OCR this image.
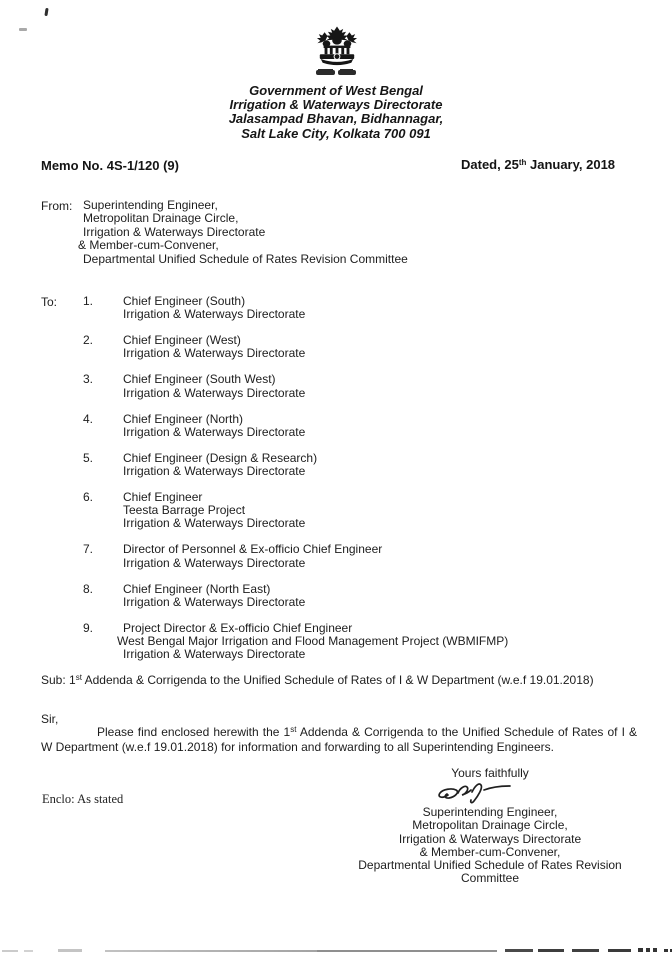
Government of West Bengal
Irrigation & Waterways Directorate
Jalasampad Bhavan, Bidhannagar,
Salt Lake City, Kolkata 700 091
Memo No. 4S-1/120 (9)	Dated, 25th January, 2018
From: Superintending Engineer,
Metropolitan Drainage Circle,
Irrigation & Waterways Directorate
& Member-cum-Convener,
Departmental Unified Schedule of Rates Revision Committee
To: 1.	Chief Engineer (South)
Irrigation & Waterways Directorate
2.	Chief Engineer (West)
Irrigation & Waterways Directorate
3.	Chief Engineer (South West)
Irrigation & Waterways Directorate
4.	Chief Engineer (North)
Irrigation & Waterways Directorate
5.	Chief Engineer (Design & Research)
Irrigation & Waterways Directorate
6.	Chief Engineer
Teesta Barrage Project
Irrigation & Waterways Directorate
7.	Director of Personnel & Ex-officio Chief Engineer
Irrigation & Waterways Directorate
8.	Chief Engineer (North East)
Irrigation & Waterways Directorate
9.	Project Director & Ex-officio Chief Engineer
West Bengal Major Irrigation and Flood Management Project (WBMIFMP)
Irrigation & Waterways Directorate
Sub: 1st Addenda & Corrigenda to the Unified Schedule of Rates of I & W Department (w.e.f 19.01.2018)
Sir,
Please find enclosed herewith the 1st Addenda & Corrigenda to the Unified Schedule of Rates of I & W Department (w.e.f 19.01.2018) for information and forwarding to all Superintending Engineers.
Yours faithfully
Superintending Engineer,
Metropolitan Drainage Circle,
Irrigation & Waterways Directorate
& Member-cum-Convener,
Departmental Unified Schedule of Rates Revision Committee
Enclo: As stated
